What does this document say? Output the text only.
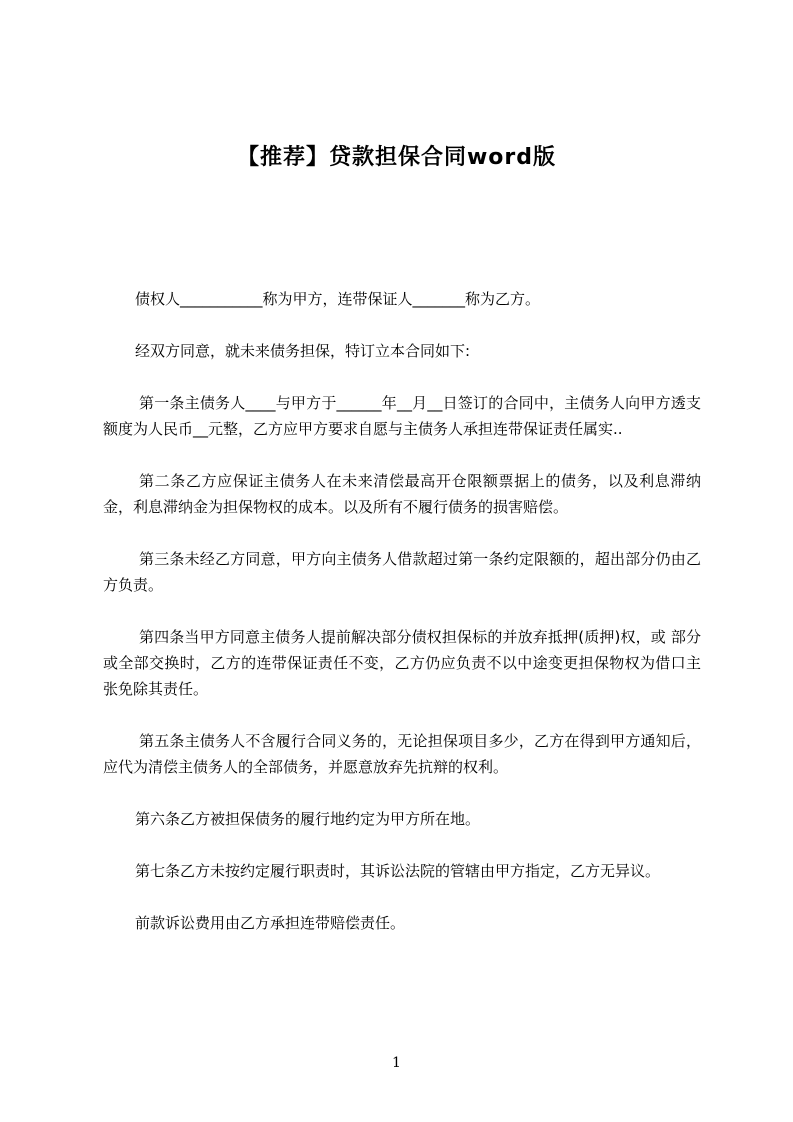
【推荐】贷款担保合同word版

债权人___________称为甲方，连带保证人_______称为乙方。

经双方同意，就未来债务担保，特订立本合同如下:

第一条主债务人____与甲方于______年__月__日签订的合同中，主债务人向甲方透支额度为人民币__元整，乙方应甲方要求自愿与主债务人承担连带保证责任属实..

第二条乙方应保证主债务人在未来清偿最高开仓限额票据上的债务，以及利息滞纳金，利息滞纳金为担保物权的成本。以及所有不履行债务的损害赔偿。

第三条未经乙方同意，甲方向主债务人借款超过第一条约定限额的，超出部分仍由乙方负责。

第四条当甲方同意主债务人提前解决部分债权担保标的并放弃抵押(质押)权，或 部分或全部交换时，乙方的连带保证责任不变，乙方仍应负责不以中途变更担保物权为借口主张免除其责任。

第五条主债务人不含履行合同义务的，无论担保项目多少，乙方在得到甲方通知后，应代为清偿主债务人的全部债务，并愿意放弃先抗辩的权利。

第六条乙方被担保债务的履行地约定为甲方所在地。

第七条乙方未按约定履行职责时，其诉讼法院的管辖由甲方指定，乙方无异议。

前款诉讼费用由乙方承担连带赔偿责任。

1
